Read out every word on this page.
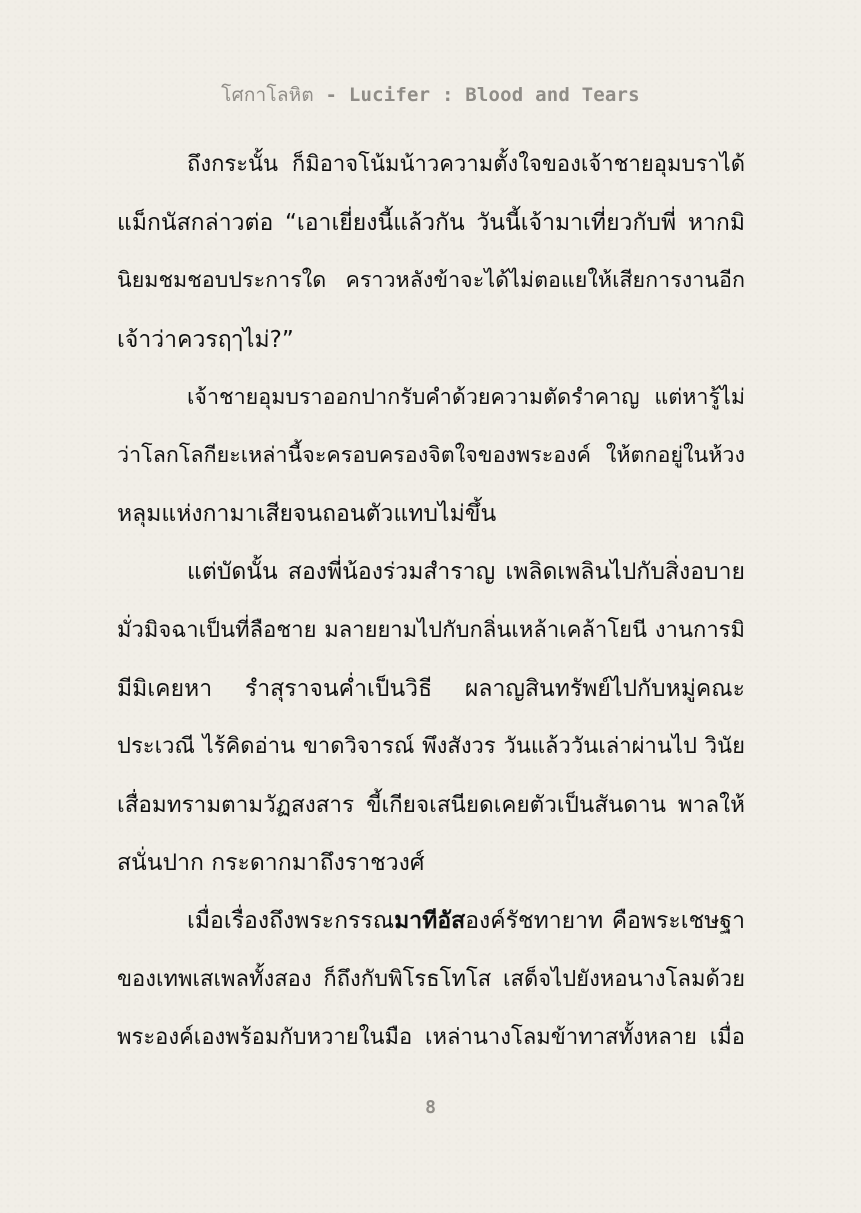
โศกาโลหิต - Lucifer : Blood and Tears
ถึงกระนั้น ก็มิอาจโน้มน้าวความตั้งใจของเจ้าชายอุมบราได้
แม็กนัสกล่าวต่อ “เอาเยี่ยงนี้แล้วกัน วันนี้เจ้ามาเที่ยวกับพี่ หากมิ
นิยมชมชอบประการใด คราวหลังข้าจะได้ไม่ตอแยให้เสียการงานอีก
เจ้าว่าควรฤๅไม่?”
เจ้าชายอุมบราออกปากรับคำด้วยความตัดรำคาญ แต่หารู้ไม่
ว่าโลกโลกียะเหล่านี้จะครอบครองจิตใจของพระองค์ ให้ตกอยู่ในห้วง
หลุมแห่งกามาเสียจนถอนตัวแทบไม่ขึ้น
แต่บัดนั้น สองพี่น้องร่วมสำราญ เพลิดเพลินไปกับสิ่งอบาย
มั่วมิจฉาเป็นที่ลือชาย มลายยามไปกับกลิ่นเหล้าเคล้าโยนี งานการมิ
มีมิเคยหา รำสุราจนค่ำเป็นวิธี ผลาญสินทรัพย์ไปกับหมู่คณะ
ประเวณี ไร้คิดอ่าน ขาดวิจารณ์ พึงสังวร วันแล้ววันเล่าผ่านไป วินัย
เสื่อมทรามตามวัฏสงสาร ขี้เกียจเสนียดเคยตัวเป็นสันดาน พาลให้
สนั่นปาก กระดากมาถึงราชวงศ์
เมื่อเรื่องถึงพระกรรณมาทีอัสองค์รัชทายาท คือพระเชษฐา
ของเทพเสเพลทั้งสอง ก็ถึงกับพิโรธโทโส เสด็จไปยังหอนางโลมด้วย
พระองค์เองพร้อมกับหวายในมือ เหล่านางโลมข้าทาสทั้งหลาย เมื่อ
8
